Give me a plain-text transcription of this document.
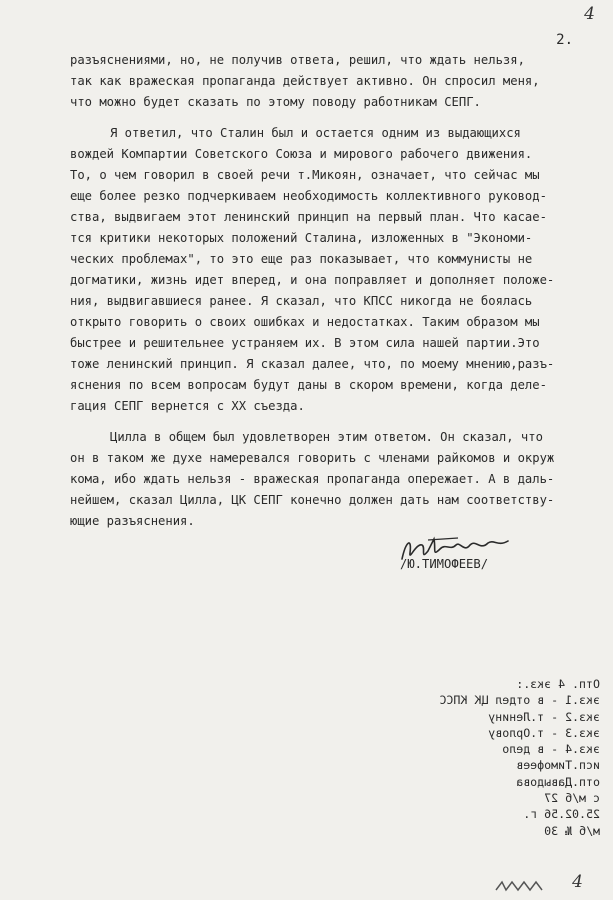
4
2.

разъяснениями, но, не получив ответа, решил, что ждать нельзя,
так как вражеская пропаганда действует активно. Он спросил меня,
что можно будет сказать по этому поводу работникам СЕПГ.

Я ответил, что Сталин был и остается одним из выдающихся
вождей Компартии Советского Союза и мирового рабочего движения.
То, о чем говорил в своей речи т.Микоян, означает, что сейчас мы
еще более резко подчеркиваем необходимость коллективного руковод-
ства, выдвигаем этот ленинский принцип на первый план. Что касае-
тся критики некоторых положений Сталина, изложенных в "Экономи-
ческих проблемах", то это еще раз показывает, что коммунисты не
догматики, жизнь идет вперед, и она поправляет и дополняет положе-
ния, выдвигавшиеся ранее. Я сказал, что КПСС никогда не боялась
открыто говорить о своих ошибках и недостатках. Таким образом мы
быстрее и решительнее устраняем их. В этом сила нашей партии.Это
тоже ленинский принцип. Я сказал далее, что, по моему мнению,разъ-
яснения по всем вопросам будут даны в скором времени, когда деле-
гация СЕПГ вернется с ХХ съезда.

Цилла в общем был удовлетворен этим ответом. Он сказал, что
он в таком же духе намеревался говорить с членами райкомов и окруж
кома, ибо ждать нельзя - вражеская пропаганда опережает. А в даль-
нейшем, сказал Цилла, ЦК СЕПГ конечно должен дать нам соответству-
ющие разъяснения.

/Ю.ТИМОФЕЕВ/
Отп. 4 экз.:
экз.1 - в отдел ЦК КПСС
экз.2 - т.Ленину
экз.3 - т.Орлову
экз.4 - в дело
исп.Тимофеев
отп.Давыдова
с м/б 27
25.02.56 г.
м/б № 30
4
